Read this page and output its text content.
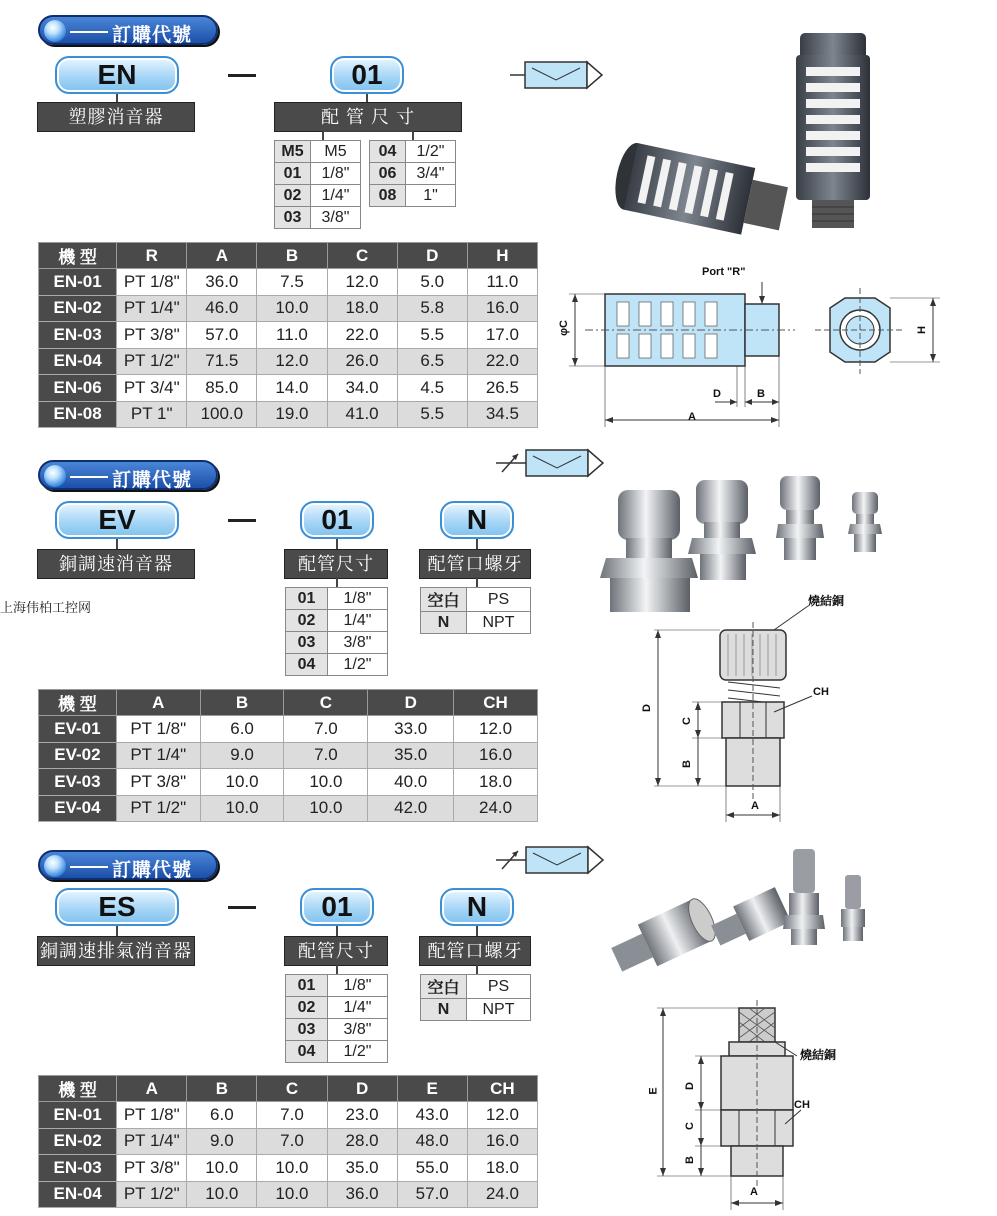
訂購代號
EN
塑膠消音器
01
配 管 尺 寸
M5	M5		04	1/2"
01	1/8"		06	3/4"
02	1/4"		08	1"
03	3/8"			
機 型	R	A	B	C	D	H
EN-01	PT 1/8"	36.0	7.5	12.0	5.0	11.0
EN-02	PT 1/4"	46.0	10.0	18.0	5.8	16.0
EN-03	PT 3/8"	57.0	11.0	22.0	5.5	17.0
EN-04	PT 1/2"	71.5	12.0	26.0	6.5	22.0
EN-06	PT 3/4"	85.0	14.0	34.0	4.5	26.5
EN-08	PT 1"	100.0	19.0	41.0	5.5	34.5
Port "R"
φC	H
D	B
A
訂購代號
EV
銅調速消音器
01
配管尺寸
N
配管口螺牙
01	1/8"
02	1/4"
03	3/8"
04	1/2"
空白	PS
N	NPT
上海伟柏工控网
機 型	A	B	C	D	CH
EV-01	PT 1/8"	6.0	7.0	33.0	12.0
EV-02	PT 1/4"	9.0	7.0	35.0	16.0
EV-03	PT 3/8"	10.0	10.0	40.0	18.0
EV-04	PT 1/2"	10.0	10.0	42.0	24.0
燒結銅
CH
D
C
B
A
訂購代號
ES
銅調速排氣消音器
01
配管尺寸
N
配管口螺牙
01	1/8"
02	1/4"
03	3/8"
04	1/2"
空白	PS
N	NPT
機 型	A	B	C	D	E	CH
EN-01	PT 1/8"	6.0	7.0	23.0	43.0	12.0
EN-02	PT 1/4"	9.0	7.0	28.0	48.0	16.0
EN-03	PT 3/8"	10.0	10.0	35.0	55.0	18.0
EN-04	PT 1/2"	10.0	10.0	36.0	57.0	24.0
燒結銅
CH
E
D
C
B
A
